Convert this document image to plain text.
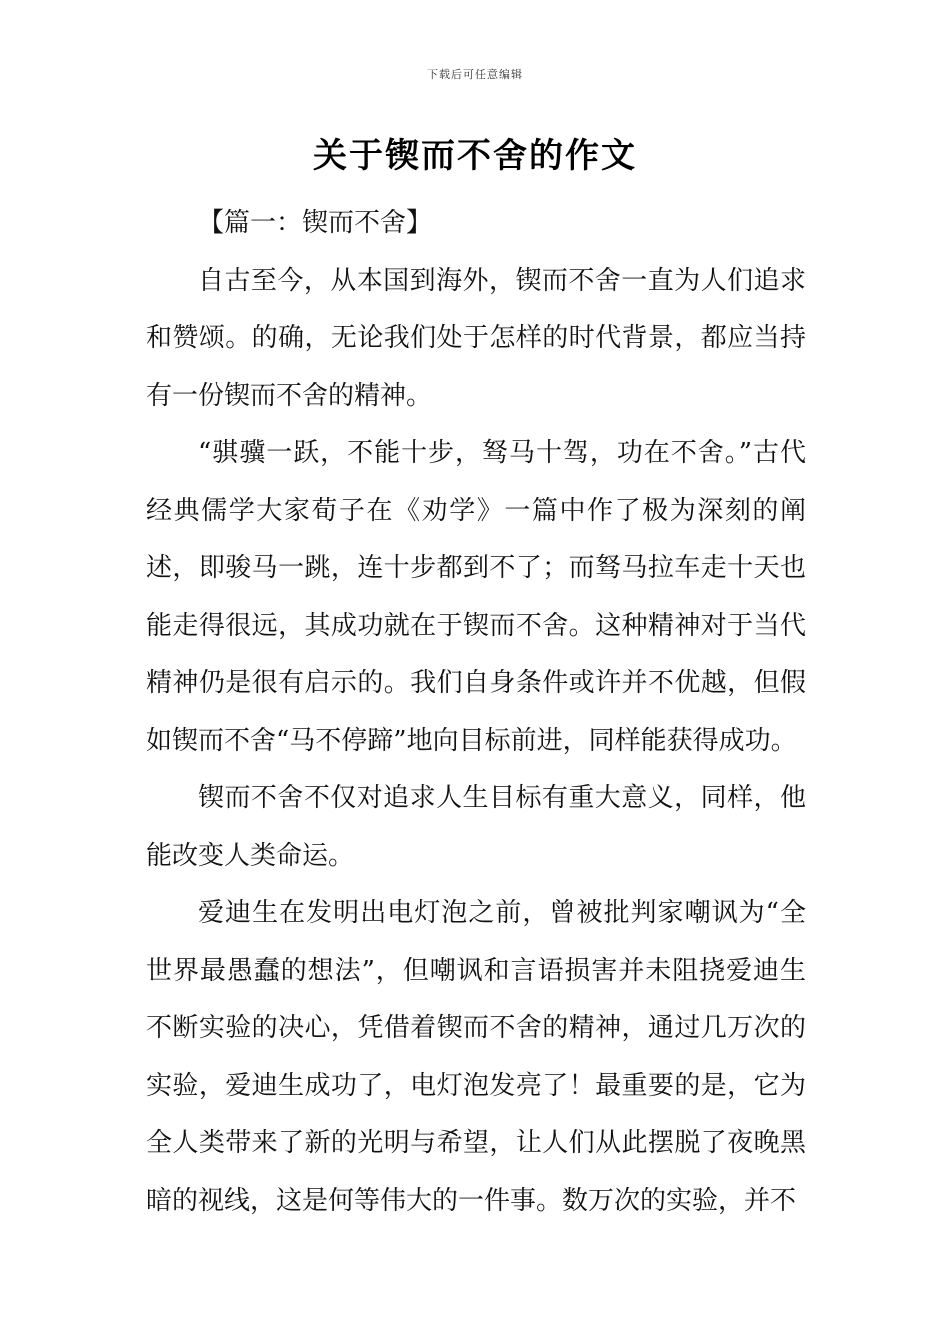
下载后可任意编辑
关于锲而不舍的作文

【篇一：锲而不舍】

自古至今，从本国到海外，锲而不舍一直为人们追求和赞颂。的确，无论我们处于怎样的时代背景，都应当持有一份锲而不舍的精神。

“骐骥一跃，不能十步，驽马十驾，功在不舍。”古代经典儒学大家荀子在《劝学》一篇中作了极为深刻的阐述，即骏马一跳，连十步都到不了；而驽马拉车走十天也能走得很远，其成功就在于锲而不舍。这种精神对于当代精神仍是很有启示的。我们自身条件或许并不优越，但假如锲而不舍“马不停蹄”地向目标前进，同样能获得成功。

锲而不舍不仅对追求人生目标有重大意义，同样，他能改变人类命运。

爱迪生在发明出电灯泡之前，曾被批判家嘲讽为“全世界最愚蠢的想法”，但嘲讽和言语损害并未阻挠爱迪生不断实验的决心，凭借着锲而不舍的精神，通过几万次的实验，爱迪生成功了，电灯泡发亮了！最重要的是，它为全人类带来了新的光明与希望，让人们从此摆脱了夜晚黑暗的视线，这是何等伟大的一件事。数万次的实验，并不
